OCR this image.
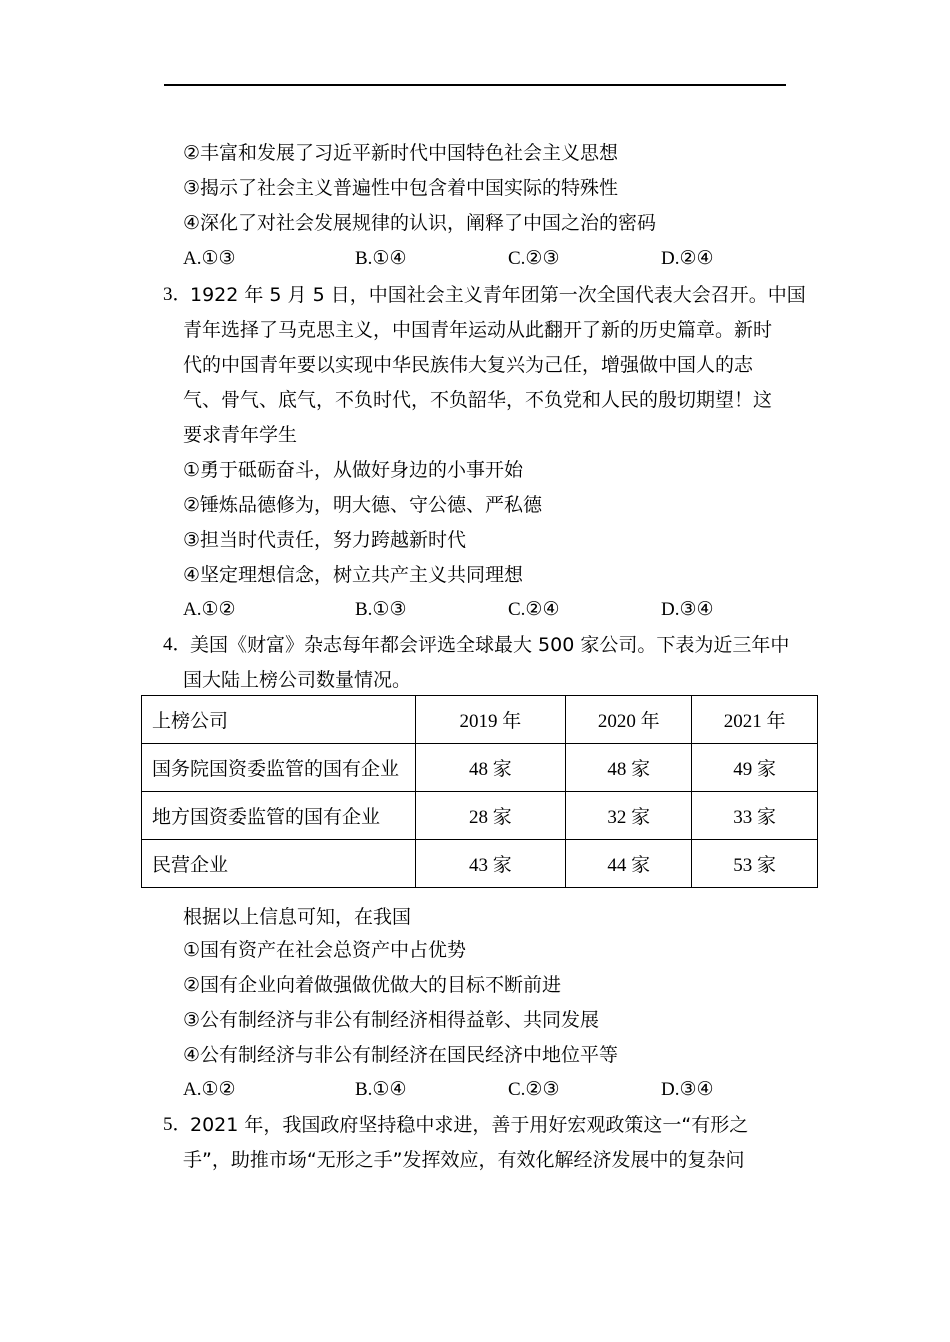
②丰富和发展了习近平新时代中国特色社会主义思想
③揭示了社会主义普遍性中包含着中国实际的特殊性
④深化了对社会发展规律的认识，阐释了中国之治的密码
A.①③	B.①④	C.②③	D.②④
3．
1922 年 5 月 5 日，中国社会主义青年团第一次全国代表大会召开。中国
青年选择了马克思主义，中国青年运动从此翻开了新的历史篇章。新时
代的中国青年要以实现中华民族伟大复兴为己任，增强做中国人的志
气、骨气、底气，不负时代，不负韶华，不负党和人民的殷切期望！这
要求青年学生
①勇于砥砺奋斗，从做好身边的小事开始
②锤炼品德修为，明大德、守公德、严私德
③担当时代责任，努力跨越新时代
④坚定理想信念，树立共产主义共同理想
A.①②	B.①③	C.②④	D.③④
4．
美国《财富》杂志每年都会评选全球最大 500 家公司。下表为近三年中
国大陆上榜公司数量情况。
上榜公司	2019 年	2020 年	2021 年
国务院国资委监管的国有企业	48 家	48 家	49 家
地方国资委监管的国有企业	28 家	32 家	33 家
民营企业	43 家	44 家	53 家
根据以上信息可知，在我国
①国有资产在社会总资产中占优势
②国有企业向着做强做优做大的目标不断前进
③公有制经济与非公有制经济相得益彰、共同发展
④公有制经济与非公有制经济在国民经济中地位平等
A.①②	B.①④	C.②③	D.③④
5．
2021 年，我国政府坚持稳中求进，善于用好宏观政策这一“有形之
手”，助推市场“无形之手”发挥效应，有效化解经济发展中的复杂问
